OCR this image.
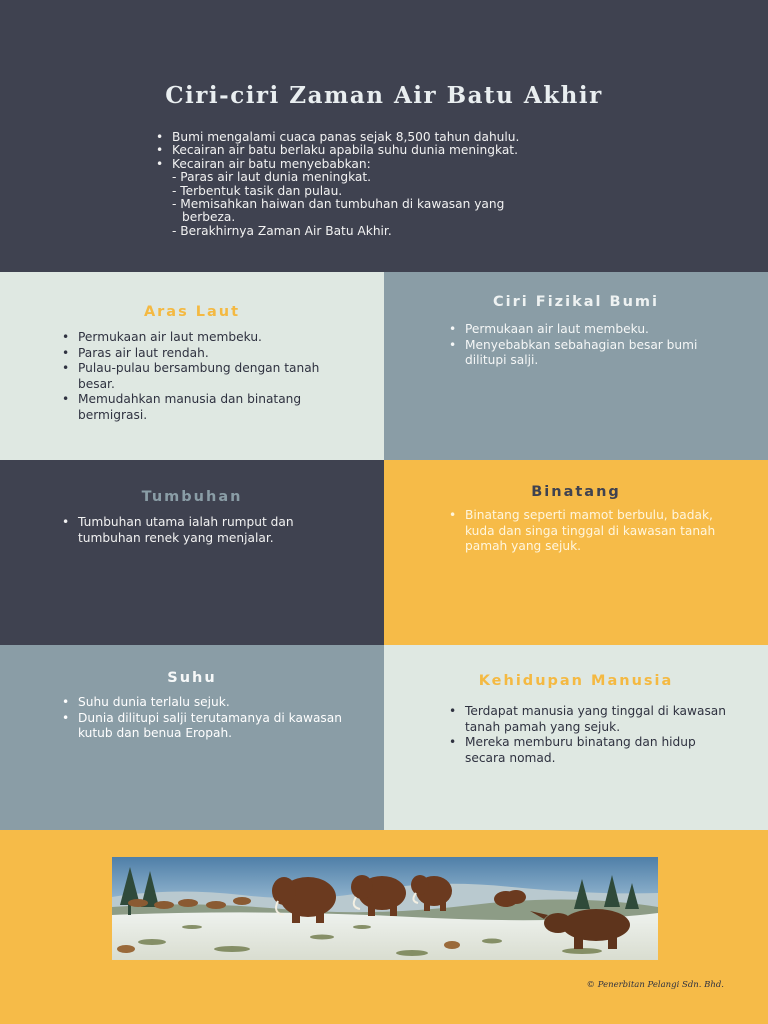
Ciri-ciri Zaman Air Batu Akhir
• Bumi mengalami cuaca panas sejak 8,500 tahun dahulu.
• Kecairan air batu berlaku apabila suhu dunia meningkat.
• Kecairan air batu menyebabkan:
- Paras air laut dunia meningkat.
- Terbentuk tasik dan pulau.
- Memisahkan haiwan dan tumbuhan di kawasan yang
berbeza.
- Berakhirnya Zaman Air Batu Akhir.
Aras Laut
• Permukaan air laut membeku.
• Paras air laut rendah.
• Pulau-pulau bersambung dengan tanah besar.
• Memudahkan manusia dan binatang bermigrasi.
Ciri Fizikal Bumi
• Permukaan air laut membeku.
• Menyebabkan sebahagian besar bumi dilitupi salji.
Tumbuhan
• Tumbuhan utama ialah rumput dan tumbuhan renek yang menjalar.
Binatang
• Binatang seperti mamot berbulu, badak, kuda dan singa tinggal di kawasan tanah pamah yang sejuk.
Suhu
• Suhu dunia terlalu sejuk.
• Dunia dilitupi salji terutamanya di kawasan kutub dan benua Eropah.
Kehidupan Manusia
• Terdapat manusia yang tinggal di kawasan tanah pamah yang sejuk.
• Mereka memburu binatang dan hidup secara nomad.
© Penerbitan Pelangi Sdn. Bhd.
